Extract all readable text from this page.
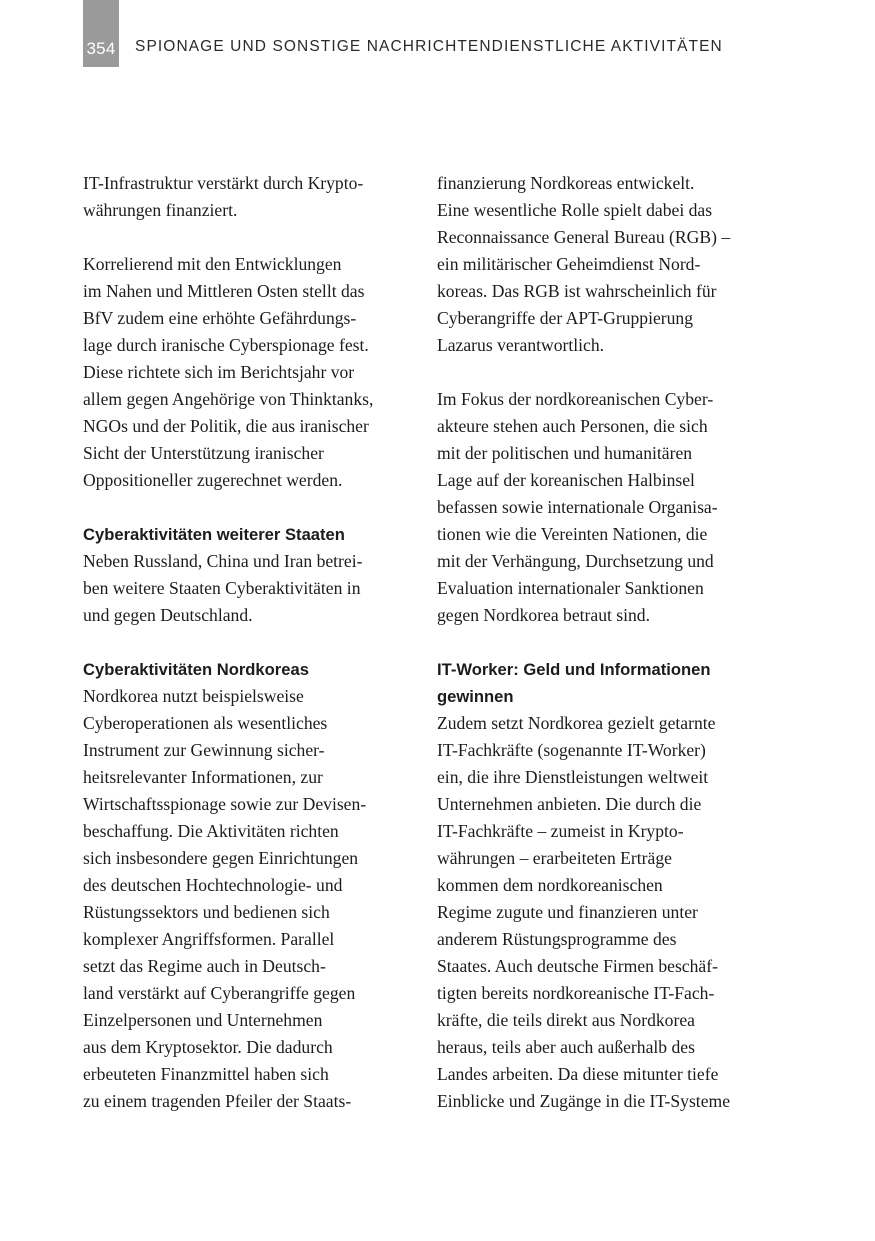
354 SPIONAGE UND SONSTIGE NACHRICHTENDIENSTLICHE AKTIVITÄTEN
IT-Infrastruktur verstärkt durch Krypto-
währungen finanziert.
Korrelierend mit den Entwicklungen
im Nahen und Mittleren Osten stellt das
BfV zudem eine erhöhte Gefährdungs-
lage durch iranische Cyberspionage fest.
Diese richtete sich im Berichtsjahr vor
allem gegen Angehörige von Thinktanks,
NGOs und der Politik, die aus iranischer
Sicht der Unterstützung iranischer
Oppositioneller zugerechnet werden.
Cyberaktivitäten weiterer Staaten
Neben Russland, China und Iran betrei-
ben weitere Staaten Cyberaktivitäten in
und gegen Deutschland.
Cyberaktivitäten Nordkoreas
Nordkorea nutzt beispielsweise
Cyberoperationen als wesentliches
Instrument zur Gewinnung sicher-
heitsrelevanter Informationen, zur
Wirtschaftsspionage sowie zur Devisen-
beschaffung. Die Aktivitäten richten
sich insbesondere gegen Einrichtungen
des deutschen Hochtechnologie- und
Rüstungssektors und bedienen sich
komplexer Angriffsformen. Parallel
setzt das Regime auch in Deutsch-
land verstärkt auf Cyberangriffe gegen
Einzelpersonen und Unternehmen
aus dem Kryptosektor. Die dadurch
erbeuteten Finanzmittel haben sich
zu einem tragenden Pfeiler der Staats-
finanzierung Nordkoreas entwickelt.
Eine wesentliche Rolle spielt dabei das
Reconnaissance General Bureau (RGB) –
ein militärischer Geheimdienst Nord-
koreas. Das RGB ist wahrscheinlich für
Cyberangriffe der APT-Gruppierung
Lazarus verantwortlich.
Im Fokus der nordkoreanischen Cyber-
akteure stehen auch Personen, die sich
mit der politischen und humanitären
Lage auf der koreanischen Halbinsel
befassen sowie internationale Organisa-
tionen wie die Vereinten Nationen, die
mit der Verhängung, Durchsetzung und
Evaluation internationaler Sanktionen
gegen Nordkorea betraut sind.
IT-Worker: Geld und Informationen
gewinnen
Zudem setzt Nordkorea gezielt getarnte
IT-Fachkräfte (sogenannte IT-Worker)
ein, die ihre Dienstleistungen weltweit
Unternehmen anbieten. Die durch die
IT-Fachkräfte – zumeist in Krypto-
währungen – erarbeiteten Erträge
kommen dem nordkoreanischen
Regime zugute und finanzieren unter
anderem Rüstungsprogramme des
Staates. Auch deutsche Firmen beschäf-
tigten bereits nordkoreanische IT-Fach-
kräfte, die teils direkt aus Nordkorea
heraus, teils aber auch außerhalb des
Landes arbeiten. Da diese mitunter tiefe
Einblicke und Zugänge in die IT-Systeme
